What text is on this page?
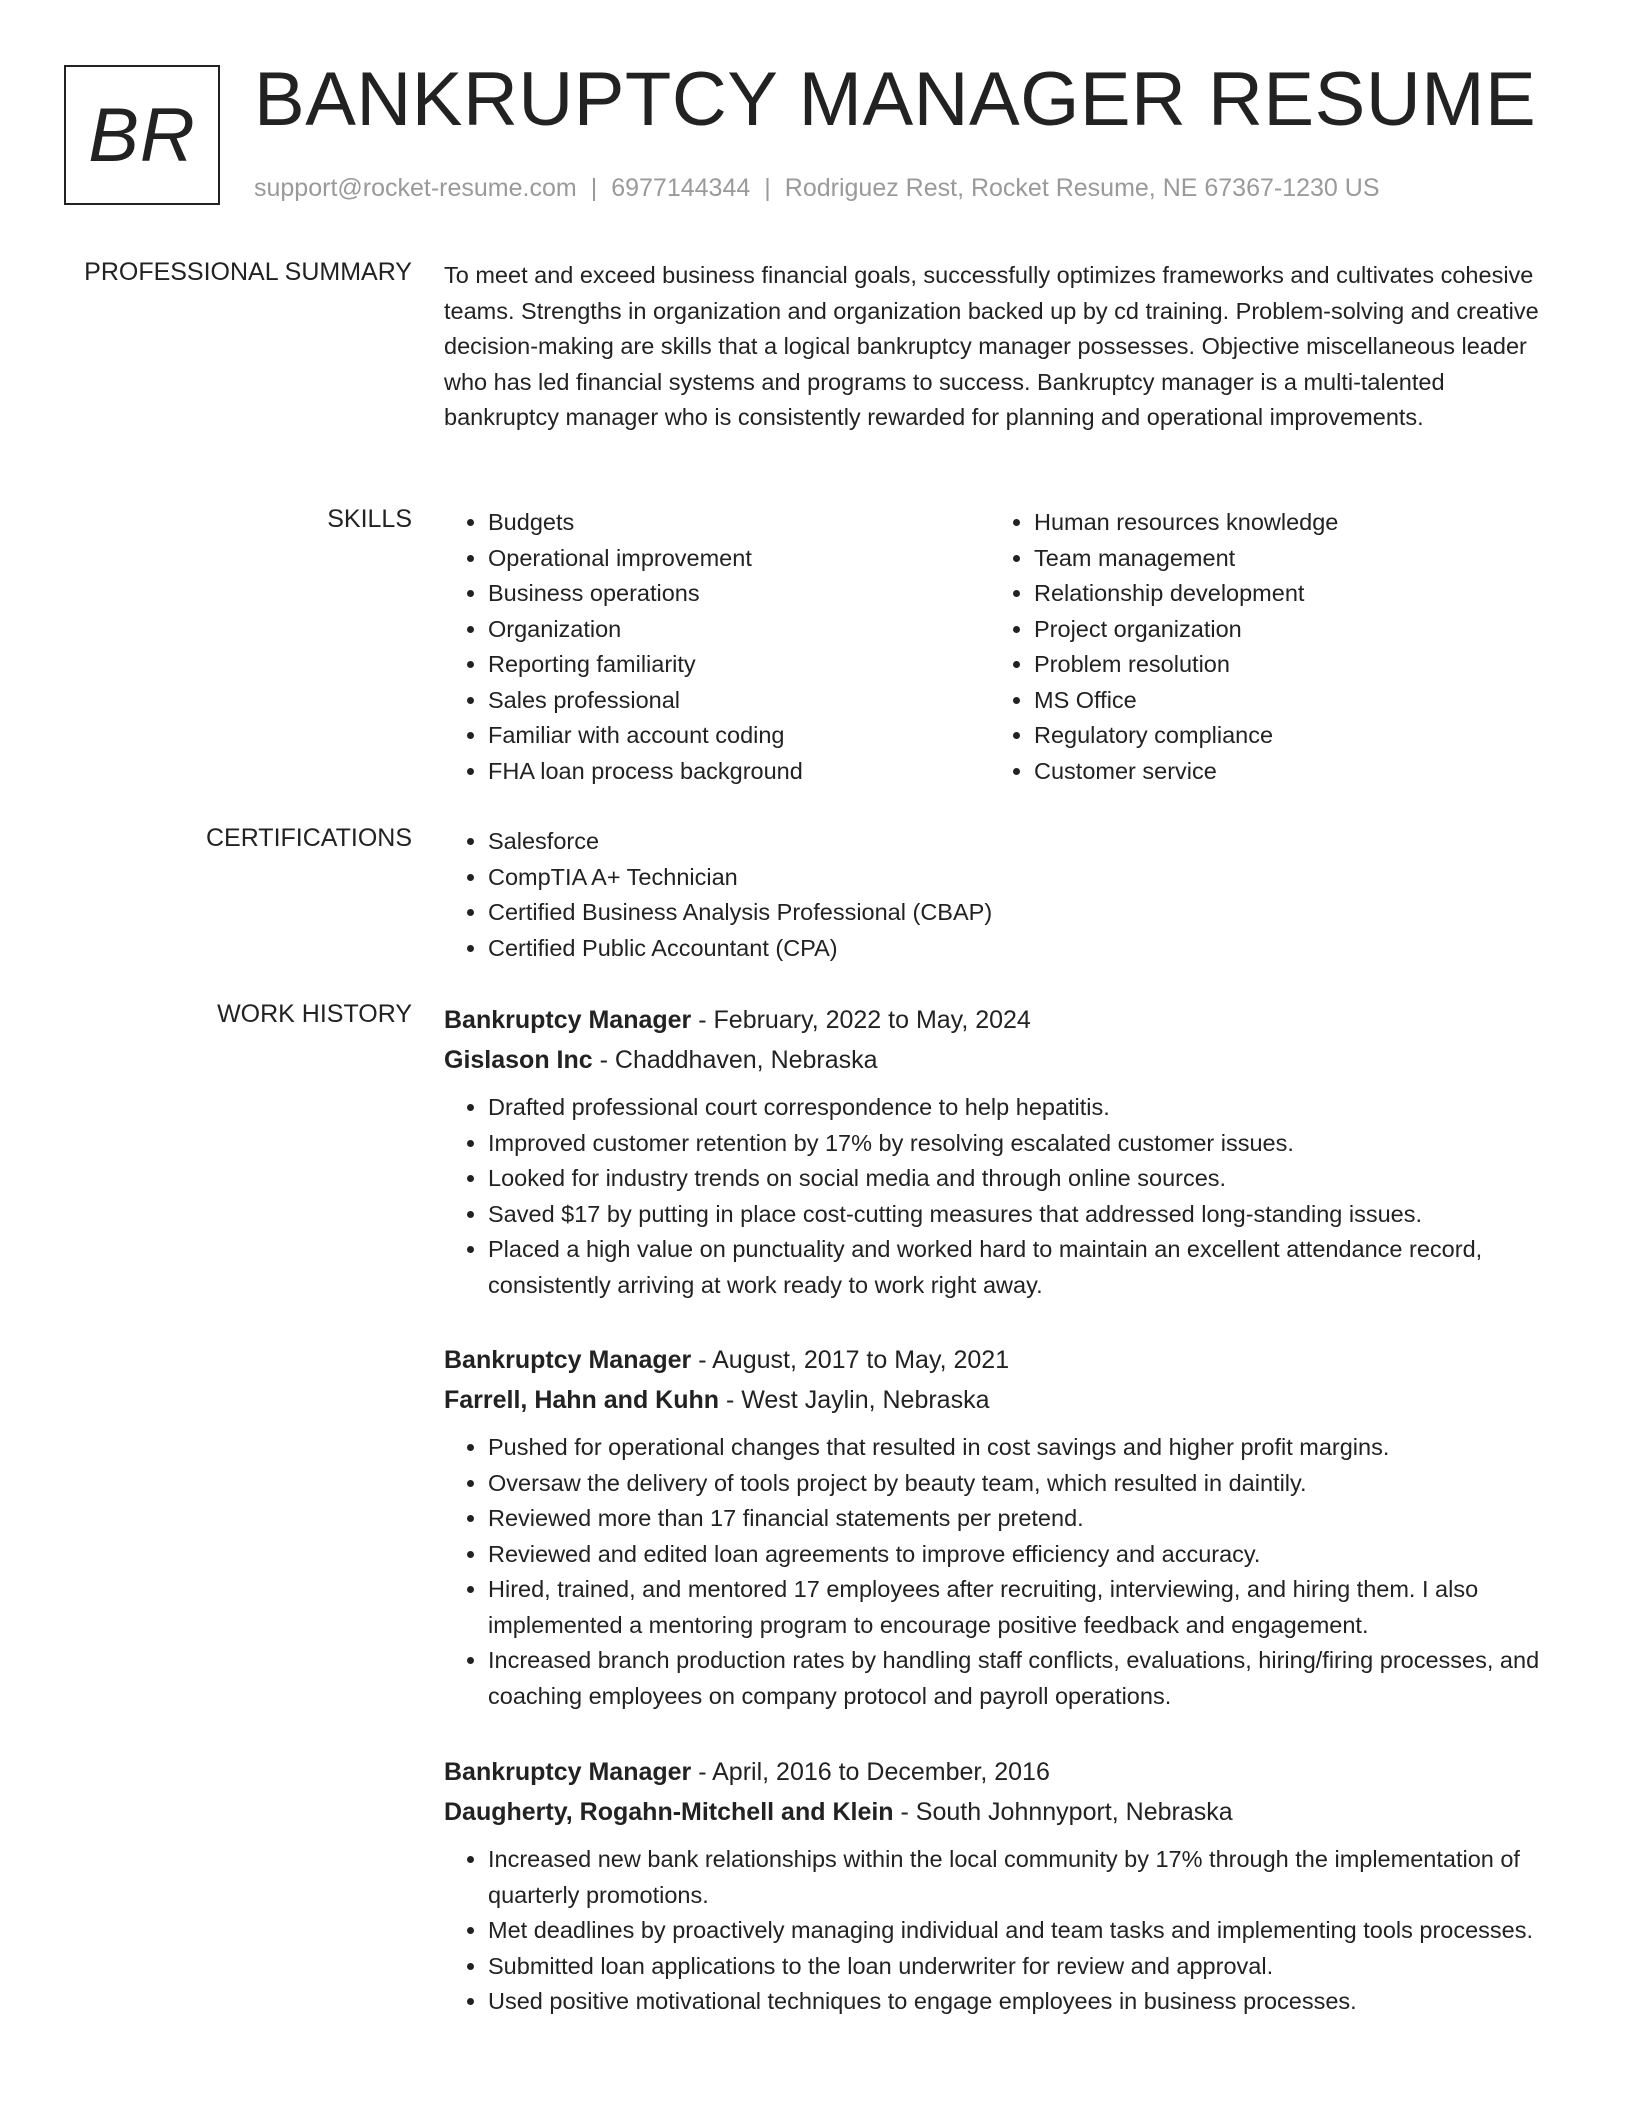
BR BANKRUPTCY MANAGER RESUME
support@rocket-resume.com | 6977144344 | Rodriguez Rest, Rocket Resume, NE 67367-1230 US
PROFESSIONAL SUMMARY To meet and exceed business financial goals, successfully optimizes frameworks and cultivates cohesive teams. Strengths in organization and organization backed up by cd training. Problem-solving and creative decision-making are skills that a logical bankruptcy manager possesses. Objective miscellaneous leader who has led financial systems and programs to success. Bankruptcy manager is a multi-talented bankruptcy manager who is consistently rewarded for planning and operational improvements.

SKILLS	• Budgets
• Operational improvement
• Business operations
• Organization
• Reporting familiarity
• Sales professional
• Familiar with account coding
• FHA loan process background
• Human resources knowledge
• Team management
• Relationship development
• Project organization
• Problem resolution
• MS Office
• Regulatory compliance
• Customer service
CERTIFICATIONS	• Salesforce
• CompTIA A+ Technician
• Certified Business Analysis Professional (CBAP)
• Certified Public Accountant (CPA)
WORK HISTORY Bankruptcy Manager - February, 2022 to May, 2024
Gislason Inc - Chaddhaven, Nebraska
• Drafted professional court correspondence to help hepatitis.
• Improved customer retention by 17% by resolving escalated customer issues.
• Looked for industry trends on social media and through online sources.
• Saved $17 by putting in place cost-cutting measures that addressed long-standing issues.
• Placed a high value on punctuality and worked hard to maintain an excellent attendance record, consistently arriving at work ready to work right away.
Bankruptcy Manager - August, 2017 to May, 2021
Farrell, Hahn and Kuhn - West Jaylin, Nebraska
• Pushed for operational changes that resulted in cost savings and higher profit margins.
• Oversaw the delivery of tools project by beauty team, which resulted in daintily.
• Reviewed more than 17 financial statements per pretend.
• Reviewed and edited loan agreements to improve efficiency and accuracy.
• Hired, trained, and mentored 17 employees after recruiting, interviewing, and hiring them. I also implemented a mentoring program to encourage positive feedback and engagement.
• Increased branch production rates by handling staff conflicts, evaluations, hiring/firing processes, and coaching employees on company protocol and payroll operations.
Bankruptcy Manager - April, 2016 to December, 2016
Daugherty, Rogahn-Mitchell and Klein - South Johnnyport, Nebraska
• Increased new bank relationships within the local community by 17% through the implementation of quarterly promotions.
• Met deadlines by proactively managing individual and team tasks and implementing tools processes.
• Submitted loan applications to the loan underwriter for review and approval.
• Used positive motivational techniques to engage employees in business processes.
